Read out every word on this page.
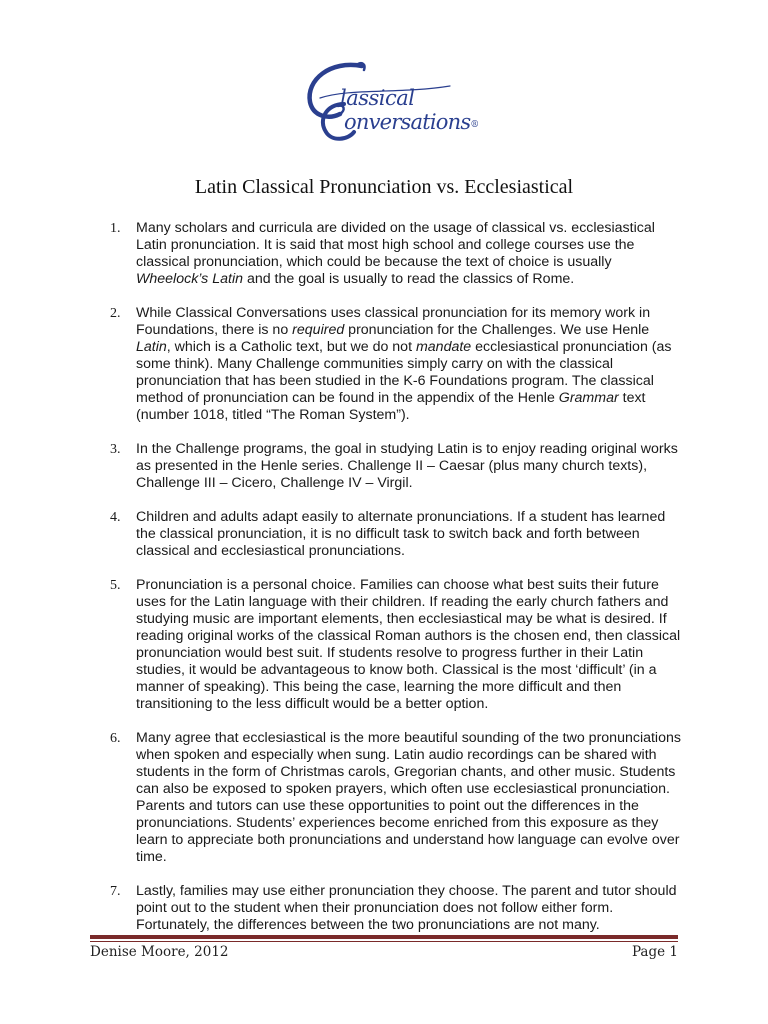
lassical
onversations®
Latin Classical Pronunciation vs. Ecclesiastical
1. Many scholars and curricula are divided on the usage of classical vs. ecclesiastical Latin pronunciation. It is said that most high school and college courses use the classical pronunciation, which could be because the text of choice is usually Wheelock’s Latin and the goal is usually to read the classics of Rome.
2. While Classical Conversations uses classical pronunciation for its memory work in Foundations, there is no required pronunciation for the Challenges. We use Henle Latin, which is a Catholic text, but we do not mandate ecclesiastical pronunciation (as some think). Many Challenge communities simply carry on with the classical pronunciation that has been studied in the K-6 Foundations program. The classical method of pronunciation can be found in the appendix of the Henle Grammar text (number 1018, titled “The Roman System”).
3. In the Challenge programs, the goal in studying Latin is to enjoy reading original works as presented in the Henle series. Challenge II – Caesar (plus many church texts), Challenge III – Cicero, Challenge IV – Virgil.
4. Children and adults adapt easily to alternate pronunciations. If a student has learned the classical pronunciation, it is no difficult task to switch back and forth between classical and ecclesiastical pronunciations.
5. Pronunciation is a personal choice. Families can choose what best suits their future uses for the Latin language with their children. If reading the early church fathers and studying music are important elements, then ecclesiastical may be what is desired. If reading original works of the classical Roman authors is the chosen end, then classical pronunciation would best suit. If students resolve to progress further in their Latin studies, it would be advantageous to know both. Classical is the most ‘difficult’ (in a manner of speaking). This being the case, learning the more difficult and then transitioning to the less difficult would be a better option.
6. Many agree that ecclesiastical is the more beautiful sounding of the two pronunciations when spoken and especially when sung. Latin audio recordings can be shared with students in the form of Christmas carols, Gregorian chants, and other music. Students can also be exposed to spoken prayers, which often use ecclesiastical pronunciation. Parents and tutors can use these opportunities to point out the differences in the pronunciations. Students’ experiences become enriched from this exposure as they learn to appreciate both pronunciations and understand how language can evolve over time.
7. Lastly, families may use either pronunciation they choose. The parent and tutor should point out to the student when their pronunciation does not follow either form. Fortunately, the differences between the two pronunciations are not many.
Denise Moore, 2012	Page 1
